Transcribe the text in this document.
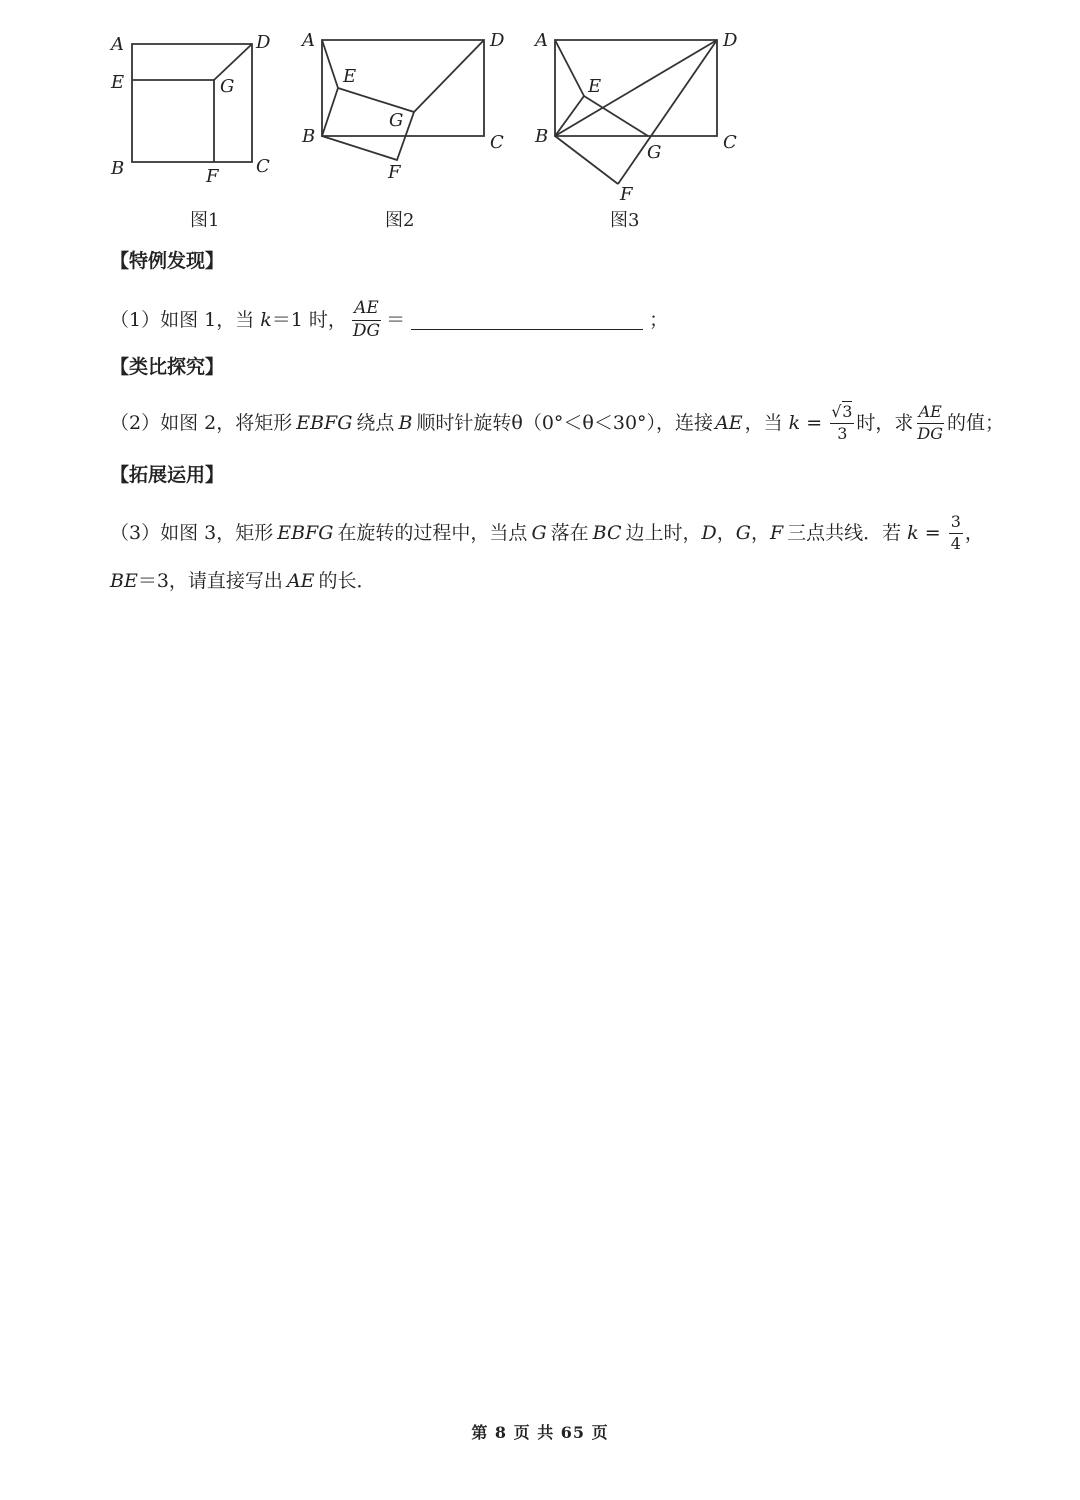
A	D
E	G
B	F C
图1
A	D
E
G
B	C
F
图2
A	D
E
B
G	C
F
图3
【特例发现】
（1）如图 1，当 k ＝1 时， $\frac{AE}{DG}$ ＝	；
【类比探究】
（2）如图 2，将矩形 EBFG 绕点 B 顺时针旋转θ（0°＜θ＜30°），连接 AE ，当 k =
√ $\frac{3}{3}$ 时，求 $\frac{AE}{DG}$ 的值；
【拓展运用】
（3）如图 3，矩形 EBFG 在旋转的过程中，当点 G 落在 BC 边上时， D ， G ， F 三点共线．若 $k = \frac{3}{4}$ ，
BE ＝3，请直接写出 AE 的长．
第 8 页 共 65 页
